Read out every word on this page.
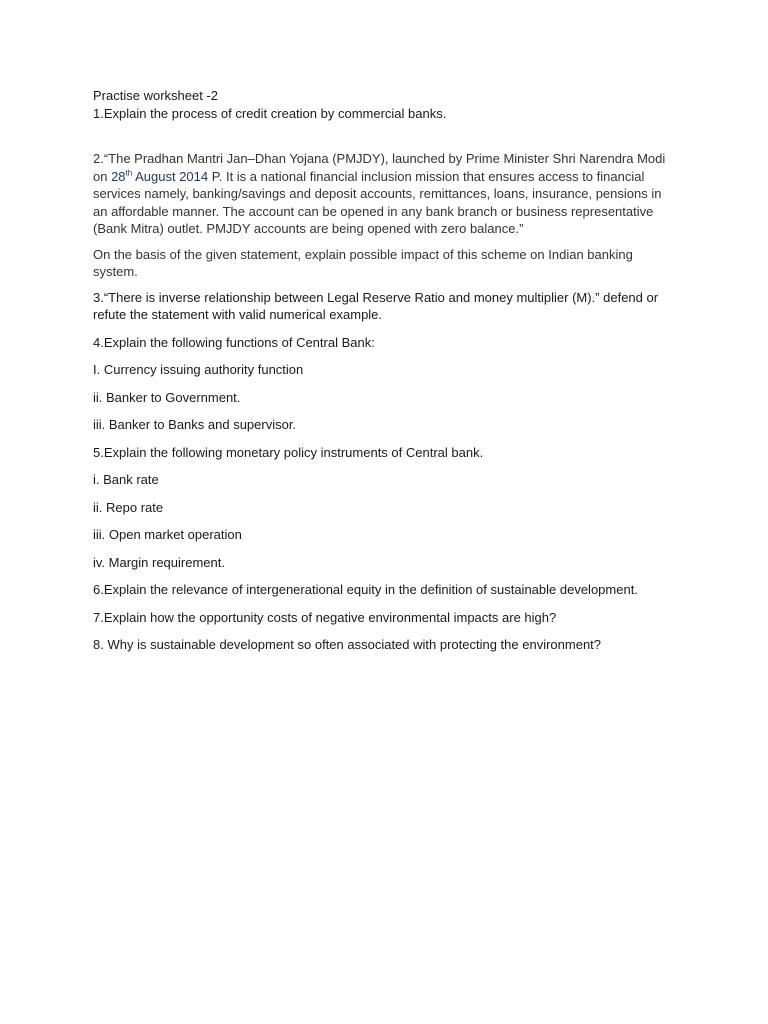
Practise worksheet -2

1.Explain the process of credit creation by commercial banks.

2.“The Pradhan Mantri Jan–Dhan Yojana (PMJDY), launched by Prime Minister Shri Narendra Modi on 28th August 2014 P. It is a national financial inclusion mission that ensures access to financial services namely, banking/savings and deposit accounts, remittances, loans, insurance, pensions in an affordable manner. The account can be opened in any bank branch or business representative (Bank Mitra) outlet. PMJDY accounts are being opened with zero balance.”

On the basis of the given statement, explain possible impact of this scheme on Indian banking system.

3.“There is inverse relationship between Legal Reserve Ratio and money multiplier (M).” defend or refute the statement with valid numerical example.

4.Explain the following functions of Central Bank:

I. Currency issuing authority function

ii. Banker to Government.

iii. Banker to Banks and supervisor.

5.Explain the following monetary policy instruments of Central bank.

i. Bank rate

ii. Repo rate

iii. Open market operation

iv. Margin requirement.

6.Explain the relevance of intergenerational equity in the definition of sustainable development.

7.Explain how the opportunity costs of negative environmental impacts are high?

8. Why is sustainable development so often associated with protecting the environment?
